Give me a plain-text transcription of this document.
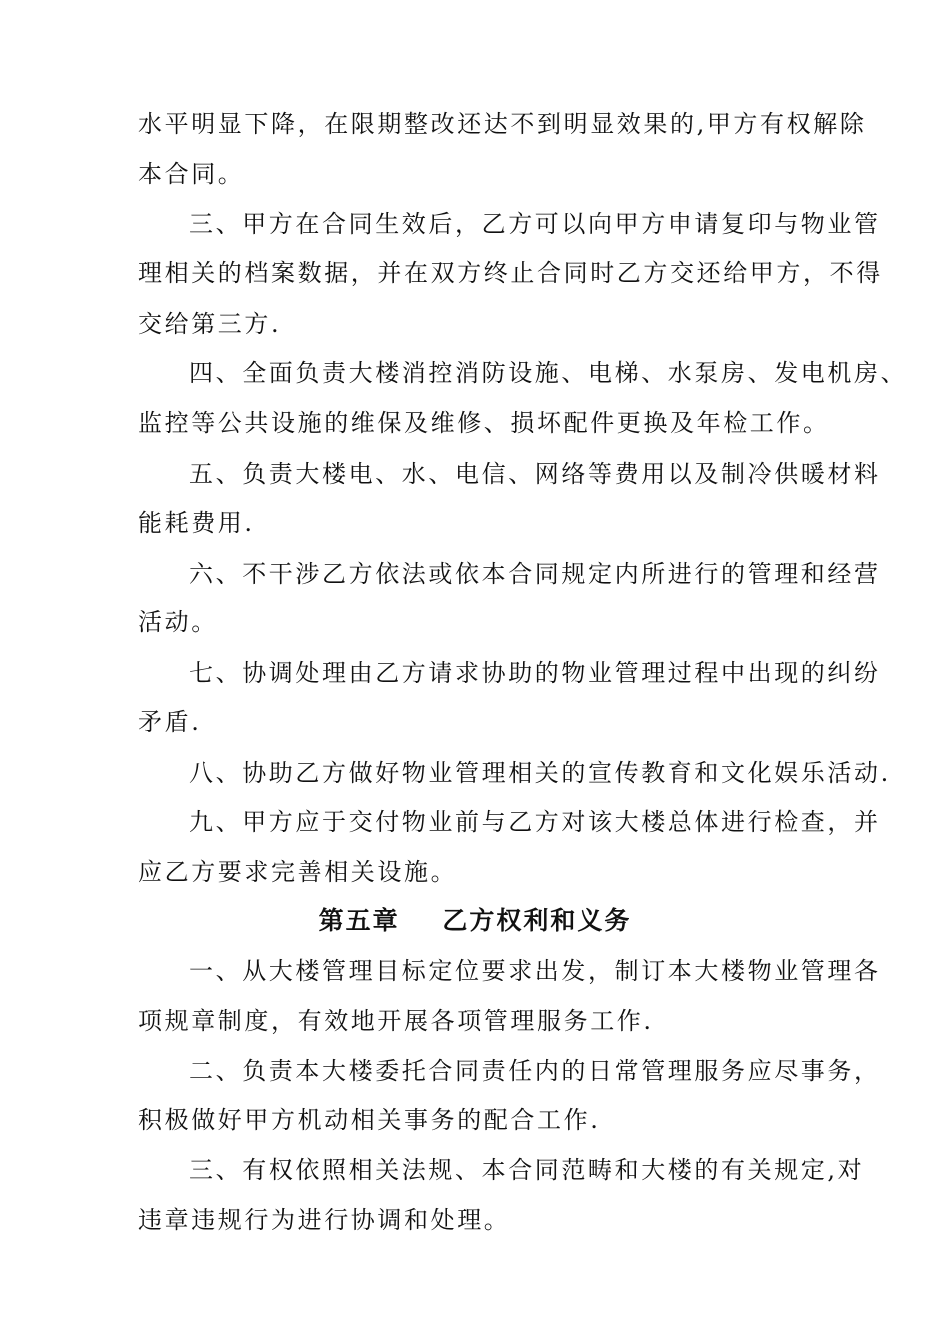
水平明显下降，在限期整改还达不到明显效果的,甲方有权解除
本合同。
三、甲方在合同生效后，乙方可以向甲方申请复印与物业管
理相关的档案数据，并在双方终止合同时乙方交还给甲方，不得
交给第三方.
四、全面负责大楼消控消防设施、电梯、水泵房、发电机房、
监控等公共设施的维保及维修、损坏配件更换及年检工作。
五、负责大楼电、水、电信、网络等费用以及制冷供暖材料
能耗费用.
六、不干涉乙方依法或依本合同规定内所进行的管理和经营
活动。
七、协调处理由乙方请求协助的物业管理过程中出现的纠纷
矛盾.
八、协助乙方做好物业管理相关的宣传教育和文化娱乐活动.
九、甲方应于交付物业前与乙方对该大楼总体进行检查，并
应乙方要求完善相关设施。
第五章    乙方权利和义务
一、从大楼管理目标定位要求出发，制订本大楼物业管理各
项规章制度，有效地开展各项管理服务工作.
二、负责本大楼委托合同责任内的日常管理服务应尽事务，
积极做好甲方机动相关事务的配合工作.
三、有权依照相关法规、本合同范畴和大楼的有关规定,对
违章违规行为进行协调和处理。
